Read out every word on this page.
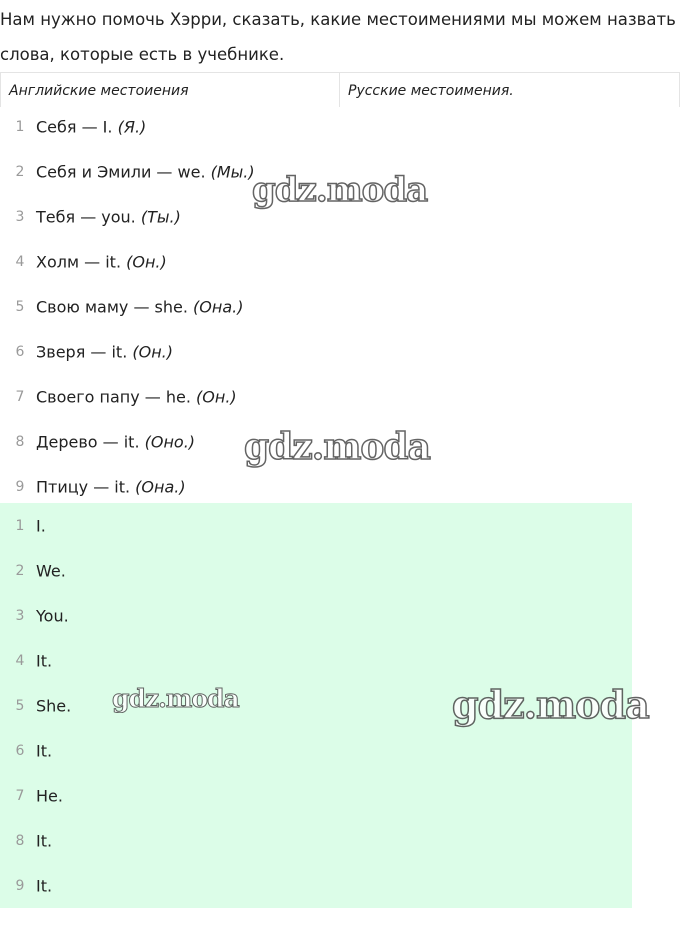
Нам нужно помочь Хэрри, сказать, какие местоимениями мы можем назвать слова, которые есть в учебнике.
Английские местоиения	Русские местоимения.
1 Себя — I. (Я.)
2 Себя и Эмили — we. (Мы.)
3 Тебя — you. (Ты.)
4 Холм — it. (Он.)
5 Свою маму — she. (Она.)
6 Зверя — it. (Он.)
7 Своего папу — he. (Он.)
8 Дерево — it. (Оно.)
9 Птицу — it. (Она.)
1 I.
2 We.
3 You.
4 It.
5 She.
6 It.
7 He.
8 It.
9 It.
gdz.moda
gdz.moda
gdz.moda	gdz.moda
